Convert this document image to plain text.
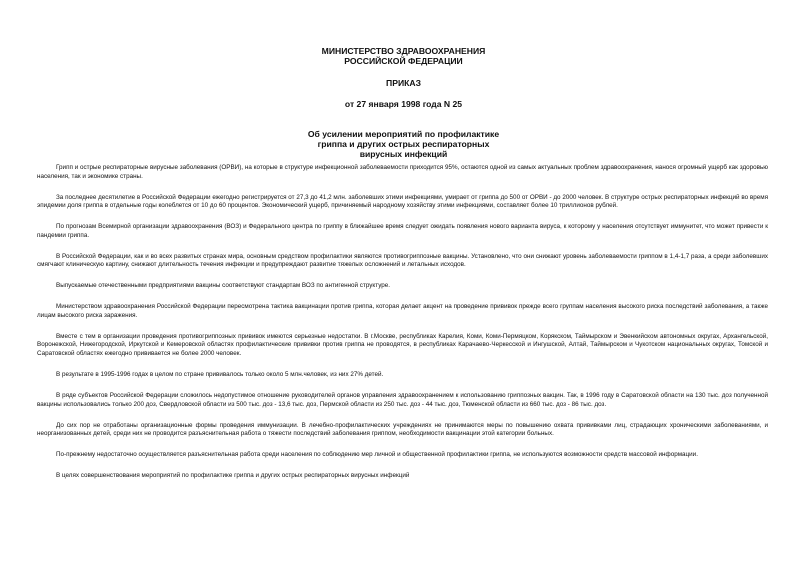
МИНИСТЕРСТВО ЗДРАВООХРАНЕНИЯ
РОССИЙСКОЙ ФЕДЕРАЦИИ
ПРИКАЗ
от 27 января 1998 года N 25
Об усилении мероприятий по профилактике
гриппа и других острых респираторных
вирусных инфекций

Грипп и острые респираторные вирусные заболевания (ОРВИ), на которые в структуре инфекционной заболеваемости приходится 95%, остаются одной из самых актуальных проблем здравоохранения, нанося огромный ущерб как здоровью населения, так и экономике страны.

За последнее десятилетие в Российской Федерации ежегодно регистрируется от 27,3 до 41,2 млн. заболевших этими инфекциями, умирает от гриппа до 500 от ОРВИ - до 2000 человек. В структуре острых респираторных инфекций во время эпидемии доля гриппа в отдельные годы колеблется от 10 до 60 процентов. Экономический ущерб, причиняемый народному хозяйству этими инфекциями, составляет более 10 триллионов рублей.

По прогнозам Всемирной организации здравоохранения (ВОЗ) и Федерального центра по гриппу в ближайшее время следует ожидать появления нового варианта вируса, к которому у населения отсутствует иммунитет, что может привести к пандемии гриппа.

В Российской Федерации, как и во всех развитых странах мира, основным средством профилактики являются противогриппозные вакцины. Установлено, что они снижают уровень заболеваемости гриппом в 1,4-1,7 раза, а среди заболевших смягчают клиническую картину, снижают длительность течения инфекции и предупреждают развитие тяжелых осложнений и летальных исходов.

Выпускаемые отечественными предприятиями вакцины соответствуют стандартам ВОЗ по антигенной структуре.

Министерством здравоохранения Российской Федерации пересмотрена тактика вакцинации против гриппа, которая делает акцент на проведение прививок прежде всего группам населения высокого риска последствий заболевания, а также лицам высокого риска заражения.

Вместе с тем в организации проведения противогриппозных прививок имеются серьезные недостатки. В г.Москве, республиках Карелия, Коми, Коми-Пермяцком, Корякском, Таймырском и Эвенкийском автономных округах, Архангельской, Воронежской, Нижегородской, Иркутской и Кемеровской областях профилактические прививки против гриппа не проводятся, в республиках Карачаево-Черкесской и Ингушской, Алтай, Таймырском и Чукотском национальных округах, Томской и Саратовской областях ежегодно прививается не более 2000 человек.

В результате в 1995-1996 годах в целом по стране прививалось только около 5 млн.человек, из них 27% детей.

В ряде субъектов Российской Федерации сложилось недопустимое отношение руководителей органов управления здравоохранением к использованию гриппозных вакцин. Так, в 1996 году в Саратовской области на 130 тыс. доз полученной вакцины использовались только 200 доз, Свердловской области из 500 тыс. доз - 13,6 тыс. доз, Пермской области из 250 тыс. доз - 44 тыс. доз, Тюменской области из 660 тыс. доз - 86 тыс. доз.

До сих пор не отработаны организационные формы проведения иммунизации. В лечебно-профилактических учреждениях не принимаются меры по повышению охвата прививками лиц, страдающих хроническими заболеваниями, и неорганизованных детей, среди них не проводится разъяснительная работа о тяжести последствий заболевания гриппом, необходимости вакцинации этой категории больных.

По-прежнему недостаточно осуществляется разъяснительная работа среди населения по соблюдению мер личной и общественной профилактики гриппа, не используются возможности средств массовой информации.

В целях совершенствования мероприятий по профилактике гриппа и других острых респираторных вирусных инфекций
